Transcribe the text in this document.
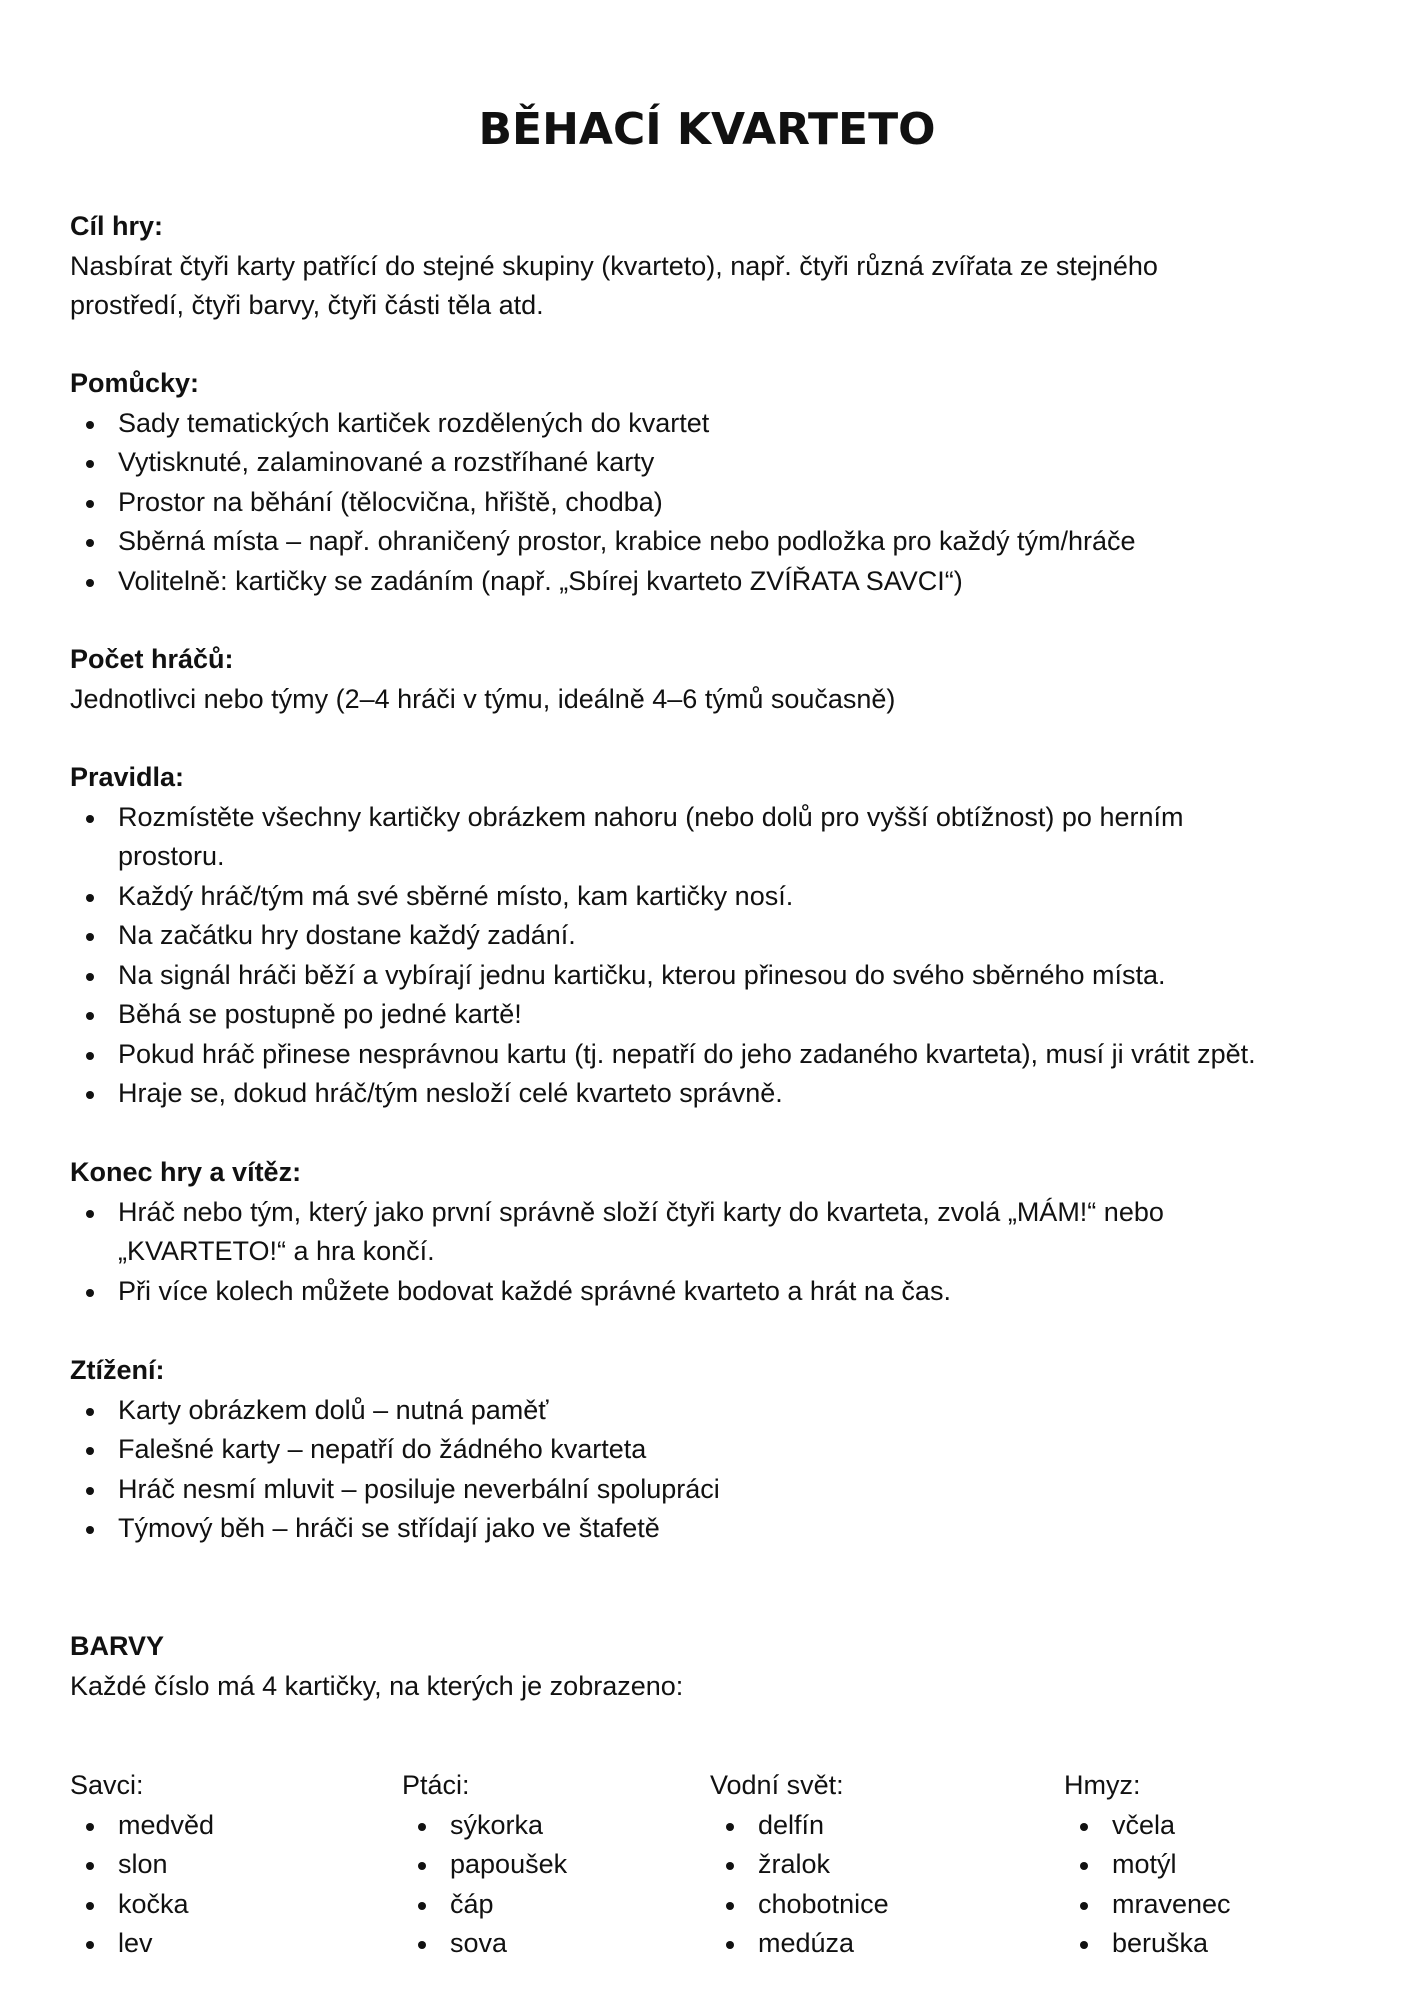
BĚHACÍ KVARTETO

Cíl hry:

Nasbírat čtyři karty patřící do stejné skupiny (kvarteto), např. čtyři různá zvířata ze stejného prostředí, čtyři barvy, čtyři části těla atd.

Pomůcky:

Sady tematických kartiček rozdělených do kvartet
Vytisknuté, zalaminované a rozstříhané karty
Prostor na běhání (tělocvična, hřiště, chodba)
Sběrná místa – např. ohraničený prostor, krabice nebo podložka pro každý tým/hráče
Volitelně: kartičky se zadáním (např. „Sbírej kvarteto ZVÍŘATA SAVCI“)

Počet hráčů:

Jednotlivci nebo týmy (2–4 hráči v týmu, ideálně 4–6 týmů současně)

Pravidla:

Rozmístěte všechny kartičky obrázkem nahoru (nebo dolů pro vyšší obtížnost) po herním prostoru.
Každý hráč/tým má své sběrné místo, kam kartičky nosí.
Na začátku hry dostane každý zadání.
Na signál hráči běží a vybírají jednu kartičku, kterou přinesou do svého sběrného místa.
Běhá se postupně po jedné kartě!
Pokud hráč přinese nesprávnou kartu (tj. nepatří do jeho zadaného kvarteta), musí ji vrátit zpět.
Hraje se, dokud hráč/tým nesloží celé kvarteto správně.

Konec hry a vítěz:

Hráč nebo tým, který jako první správně složí čtyři karty do kvarteta, zvolá „MÁM!“ nebo „KVARTETO!“ a hra končí.
Při více kolech můžete bodovat každé správné kvarteto a hrát na čas.

Ztížení:

Karty obrázkem dolů – nutná paměť
Falešné karty – nepatří do žádného kvarteta
Hráč nesmí mluvit – posiluje neverbální spolupráci
Týmový běh – hráči se střídají jako ve štafetě

BARVY

Každé číslo má 4 kartičky, na kterých je zobrazeno:

Savci:

medvěd
slon
kočka
lev

Ptáci:

sýkorka
papoušek
čáp
sova

Vodní svět:

delfín
žralok
chobotnice
medúza

Hmyz:

včela
motýl
mravenec
beruška
